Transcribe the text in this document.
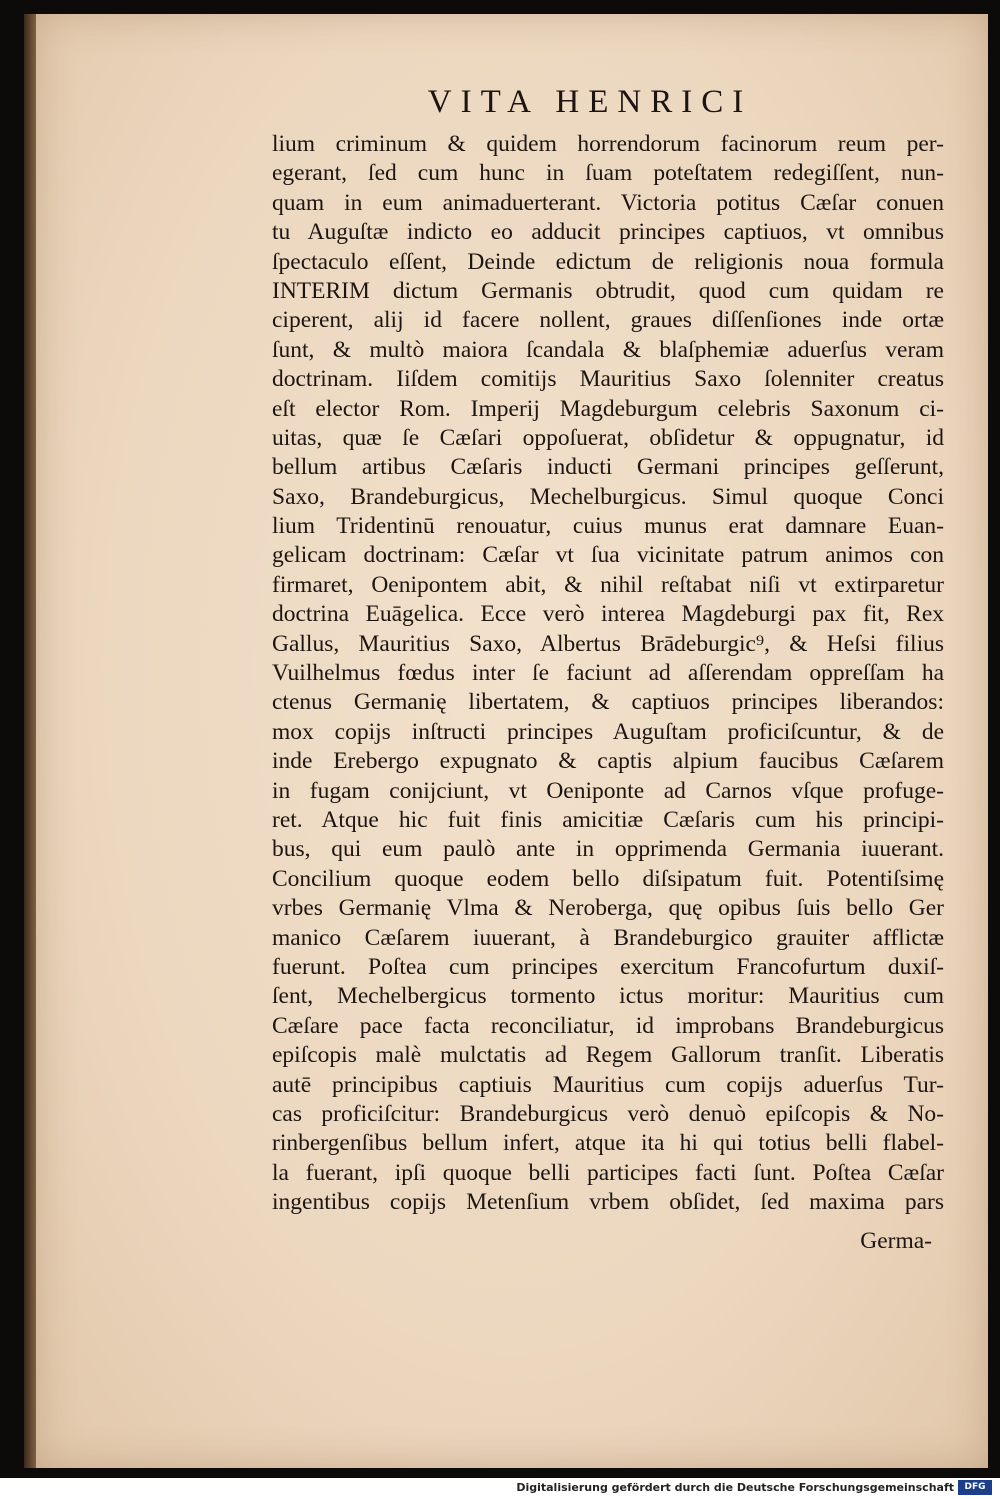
VITA HENRICI
lium criminum & quidem horrendorum facinorum reum per-
egerant, ſed cum hunc in ſuam poteſtatem redegiſſent, nun-
quam in eum animaduerterant. Victoria potitus Cæſar conuen
tu Auguſtæ indicto eo adducit principes captiuos, vt omnibus
ſpectaculo eſſent, Deinde edictum de religionis noua formula
INTERIM dictum Germanis obtrudit, quod cum quidam re
ciperent, alij id facere nollent, graues diſſenſiones inde ortæ
ſunt, & multò maiora ſcandala & blaſphemiæ aduerſus veram
doctrinam. Iiſdem comitijs Mauritius Saxo ſolenniter creatus
eſt elector Rom. Imperij Magdeburgum celebris Saxonum ci-
uitas, quæ ſe Cæſari oppoſuerat, obſidetur & oppugnatur, id
bellum artibus Cæſaris inducti Germani principes geſſerunt,
Saxo, Brandeburgicus, Mechelburgicus. Simul quoque Conci
lium Tridentinū renouatur, cuius munus erat damnare Euan-
gelicam doctrinam: Cæſar vt ſua vicinitate patrum animos con
firmaret, Oenipontem abit, & nihil reſtabat niſi vt extirparetur
doctrina Euāgelica. Ecce verò interea Magdeburgi pax fit, Rex
Gallus, Mauritius Saxo, Albertus Brādeburgic⁹, & Heſsi filius
Vuilhelmus fœdus inter ſe faciunt ad aſſerendam oppreſſam ha
ctenus Germanię libertatem, & captiuos principes liberandos:
mox copijs inſtructi principes Auguſtam proficiſcuntur, & de
inde Erebergo expugnato & captis alpium faucibus Cæſarem
in fugam conijciunt, vt Oeniponte ad Carnos vſque profuge-
ret. Atque hic fuit finis amicitiæ Cæſaris cum his principi-
bus, qui eum paulò ante in opprimenda Germania iuuerant.
Concilium quoque eodem bello diſsipatum fuit. Potentiſsimę
vrbes Germanię Vlma & Neroberga, quę opibus ſuis bello Ger
manico Cæſarem iuuerant, à Brandeburgico grauiter afflictæ
fuerunt. Poſtea cum principes exercitum Francofurtum duxiſ-
ſent, Mechelbergicus tormento ictus moritur: Mauritius cum
Cæſare pace facta reconciliatur, id improbans Brandeburgicus
epiſcopis malè mulctatis ad Regem Gallorum tranſit. Liberatis
autē principibus captiuis Mauritius cum copijs aduerſus Tur-
cas proficiſcitur: Brandeburgicus verò denuò epiſcopis & No-
rinbergenſibus bellum infert, atque ita hi qui totius belli flabel-
la fuerant, ipſi quoque belli participes facti ſunt. Poſtea Cæſar
ingentibus copijs Metenſium vrbem obſidet, ſed maxima pars
Germa-
Digitalisierung gefördert durch die Deutsche Forschungsgemeinschaft	DFG
